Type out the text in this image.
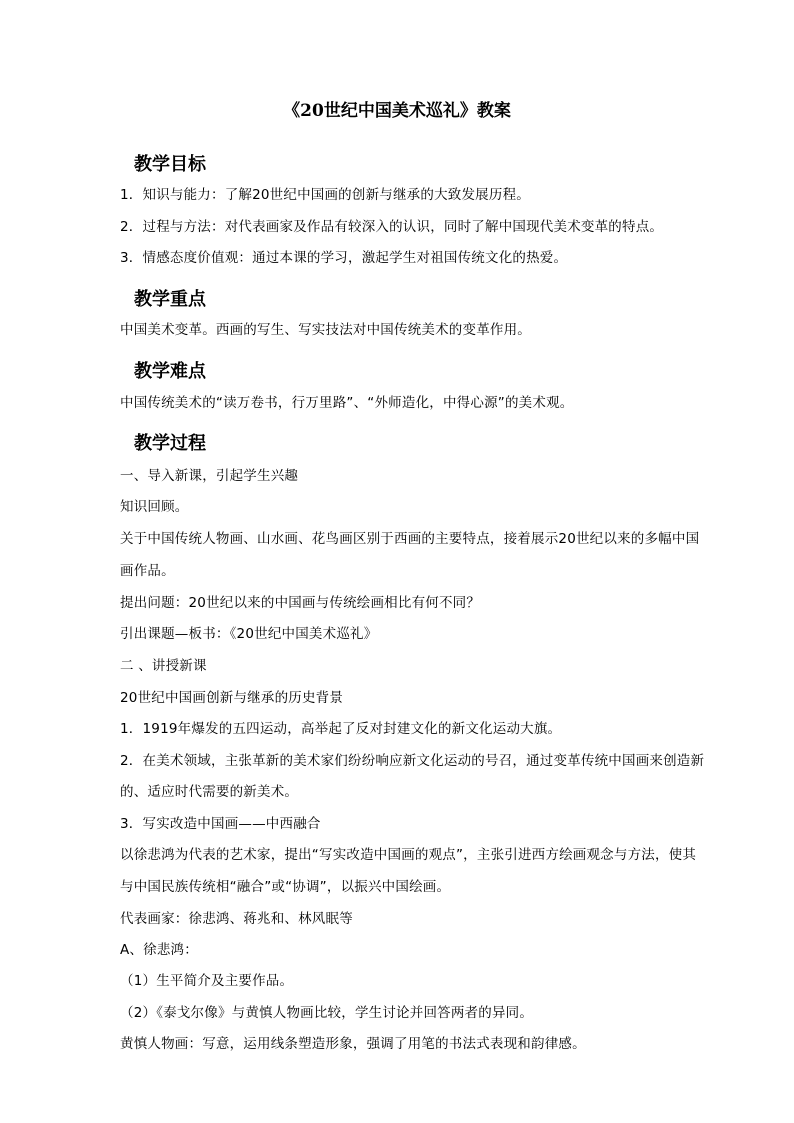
《20世纪中国美术巡礼》教案
教学目标
1．知识与能力：了解20世纪中国画的创新与继承的大致发展历程。
2．过程与方法：对代表画家及作品有较深入的认识，同时了解中国现代美术变革的特点。
3．情感态度价值观：通过本课的学习，激起学生对祖国传统文化的热爱。
教学重点
中国美术变革。西画的写生、写实技法对中国传统美术的变革作用。
教学难点
中国传统美术的“读万卷书，行万里路”、“外师造化，中得心源”的美术观。
教学过程
一、导入新课，引起学生兴趣
知识回顾。
关于中国传统人物画、山水画、花鸟画区别于西画的主要特点，接着展示20世纪以来的多幅中国
画作品。
提出问题：20世纪以来的中国画与传统绘画相比有何不同？
引出课题—板书：《20世纪中国美术巡礼》
二 、讲授新课
20世纪中国画创新与继承的历史背景
1．1919年爆发的五四运动，高举起了反对封建文化的新文化运动大旗。
2．在美术领域，主张革新的美术家们纷纷响应新文化运动的号召，通过变革传统中国画来创造新
的、适应时代需要的新美术。
3．写实改造中国画——中西融合
以徐悲鸿为代表的艺术家，提出“写实改造中国画的观点”，主张引进西方绘画观念与方法，使其
与中国民族传统相“融合”或“协调”，以振兴中国绘画。
代表画家：徐悲鸿、蒋兆和、林风眠等
A、徐悲鸿：
（1）生平简介及主要作品。
（2）《泰戈尔像》与黄慎人物画比较，学生讨论并回答两者的异同。
黄慎人物画：写意，运用线条塑造形象，强调了用笔的书法式表现和韵律感。
